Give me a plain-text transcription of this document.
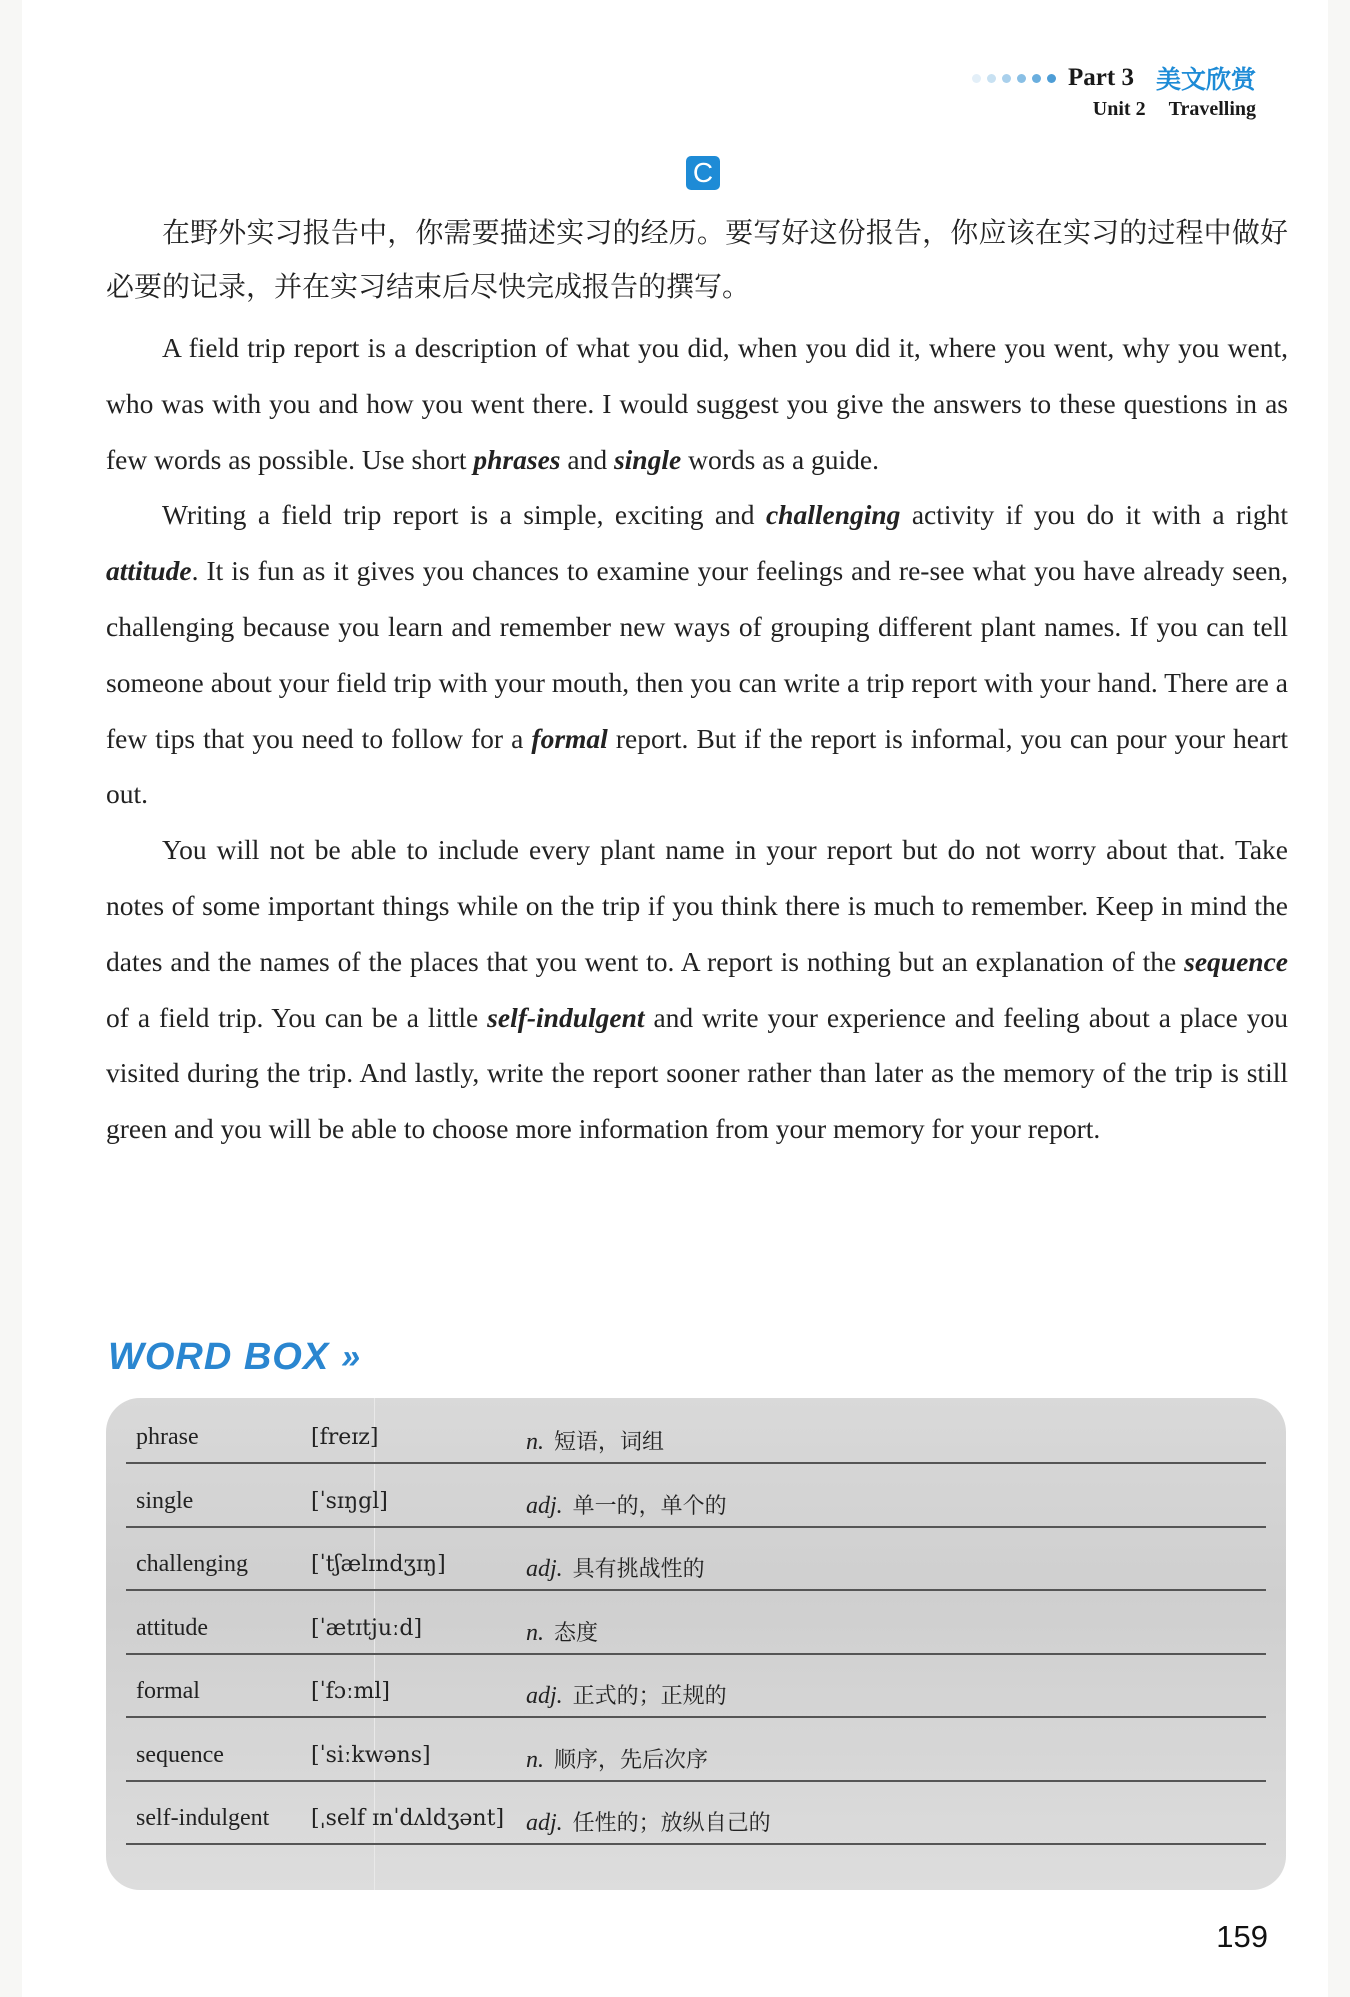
Part 3 美文欣赏
Unit 2 Travelling
C
在野外实习报告中，你需要描述实习的经历。要写好这份报告，你应该在实习的过程中做好必要的记录，并在实习结束后尽快完成报告的撰写。

A field trip report is a description of what you did, when you did it, where you went, why you went, who was with you and how you went there. I would suggest you give the answers to these questions in as few words as possible. Use short phrases and single words as a guide.

Writing a field trip report is a simple, exciting and challenging activity if you do it with a right attitude. It is fun as it gives you chances to examine your feelings and re-see what you have already seen, challenging because you learn and remember new ways of grouping different plant names. If you can tell someone about your field trip with your mouth, then you can write a trip report with your hand. There are a few tips that you need to follow for a formal report. But if the report is informal, you can pour your heart out.

You will not be able to include every plant name in your report but do not worry about that. Take notes of some important things while on the trip if you think there is much to remember. Keep in mind the dates and the names of the places that you went to. A report is nothing but an explanation of the sequence of a field trip. You can be a little self-indulgent and write your experience and feeling about a place you visited during the trip. And lastly, write the report sooner rather than later as the memory of the trip is still green and you will be able to choose more information from your memory for your report.

WORD BOX »
phrase	[freɪz]	n. 短语，词组
single	[ˈsɪŋgl]	adj. 单一的，单个的
challenging	[ˈtʃælɪndʒɪŋ]	adj. 具有挑战性的
attitude	[ˈætɪtjuːd]	n. 态度
formal	[ˈfɔːml]	adj. 正式的；正规的
sequence	[ˈsiːkwəns]	n. 顺序，先后次序
self-indulgent [ˌself ɪnˈdʌldʒənt] adj. 任性的；放纵自己的
159
